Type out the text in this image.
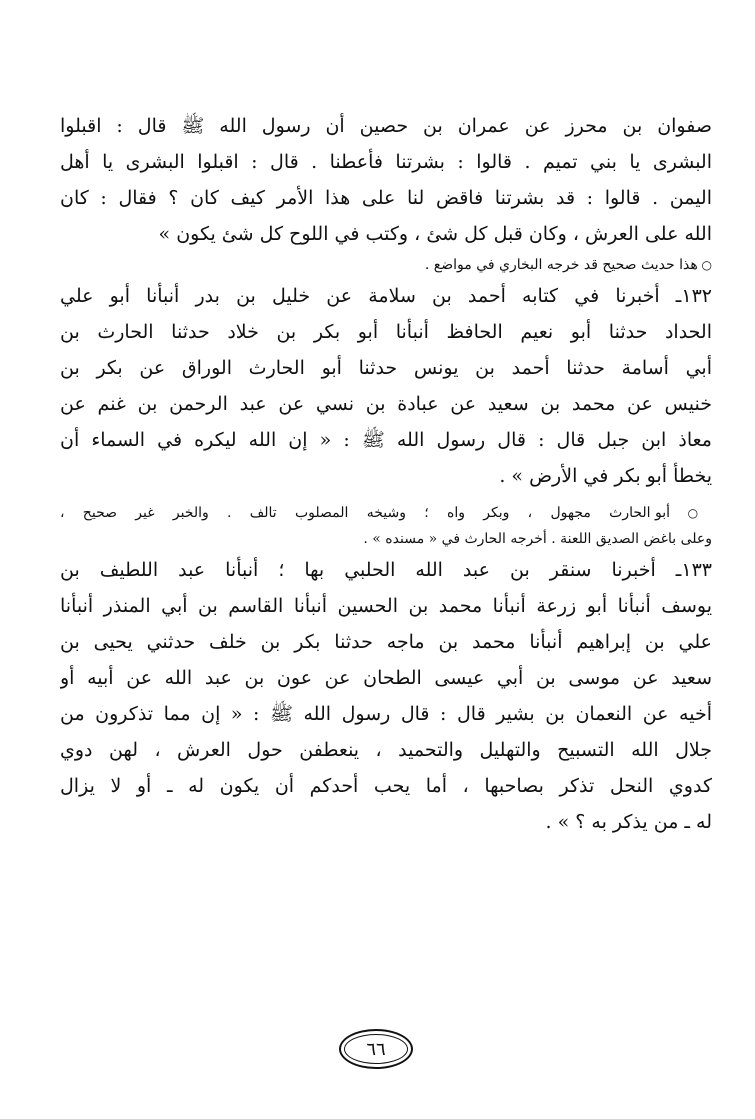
صفوان بن محرز عن عمران بن حصين أن رسول الله ﷺ قال : اقبلوا
البشرى يا بني تميم . قالوا : بشرتنا فأعطنا . قال : اقبلوا البشرى يا أهل
اليمن . قالوا : قد بشرتنا فاقض لنا على هذا الأمر كيف كان ؟ فقال : كان
الله على العرش ، وكان قبل كل شئ ، وكتب في اللوح كل شئ يكون »
○ هذا حديث صحيح قد خرجه البخاري في مواضع .
١٣٢ـ أخبرنا في كتابه أحمد بن سلامة عن خليل بن بدر أنبأنا أبو علي
الحداد حدثنا أبو نعيم الحافظ أنبأنا أبو بكر بن خلاد حدثنا الحارث بن
أبي أسامة حدثنا أحمد بن يونس حدثنا أبو الحارث الوراق عن بكر بن
خنيس عن محمد بن سعيد عن عبادة بن نسي عن عبد الرحمن بن غنم عن
معاذ ابن جبل قال : قال رسول الله ﷺ : « إن الله ليكره في السماء أن
يخطأ أبو بكر في الأرض » .
○ أبو الحارث مجهول ، وبكر واه ؛ وشيخه المصلوب تالف . والخبر غير صحيح ،
وعلى باغض الصديق اللعنة . أخرجه الحارث في « مسنده » .
١٣٣ـ أخبرنا سنقر بن عبد الله الحلبي بها ؛ أنبأنا عبد اللطيف بن
يوسف أنبأنا أبو زرعة أنبأنا محمد بن الحسين أنبأنا القاسم بن أبي المنذر أنبأنا
علي بن إبراهيم أنبأنا محمد بن ماجه حدثنا بكر بن خلف حدثني يحيى بن
سعيد عن موسى بن أبي عيسى الطحان عن عون بن عبد الله عن أبيه أو
أخيه عن النعمان بن بشير قال : قال رسول الله ﷺ : « إن مما تذكرون من
جلال الله التسبيح والتهليل والتحميد ، ينعطفن حول العرش ، لهن دوي
كدوي النحل تذكر بصاحبها ، أما يحب أحدكم أن يكون له ـ أو لا يزال
له ـ من يذكر به ؟ » .
٦٦
